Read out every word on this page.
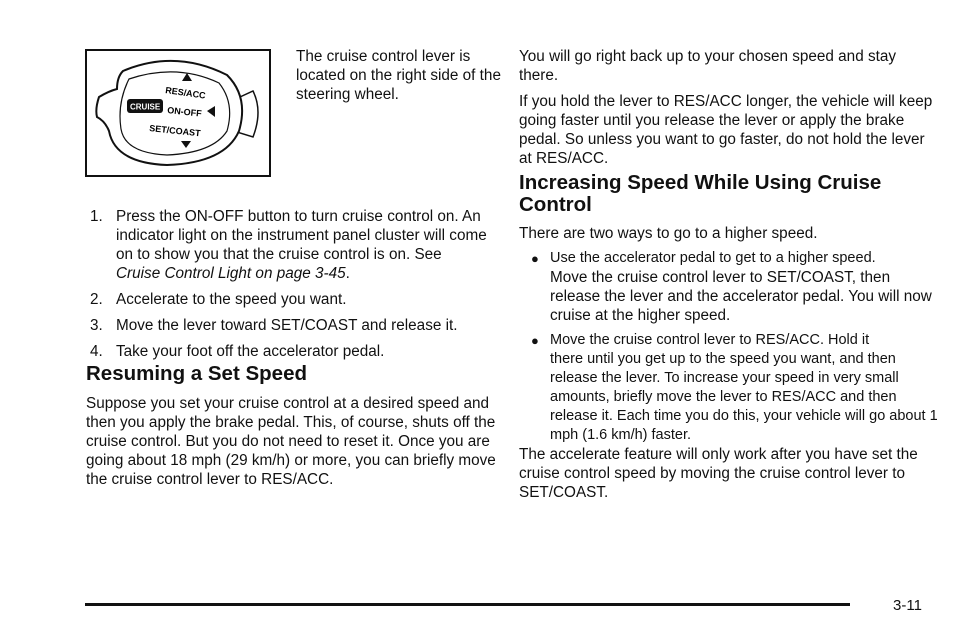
RES/ACC
CRUISE ON-OFF
SET/COAST

The cruise control lever is located on the right side of the steering wheel.

1. Press the ON-OFF button to turn cruise control on. An indicator light on the instrument panel cluster will come on to show you that the cruise control is on. See Cruise Control Light on page 3-45.
2. Accelerate to the speed you want.
3. Move the lever toward SET/COAST and release it.
4. Take your foot off the accelerator pedal.
Resuming a Set Speed

Suppose you set your cruise control at a desired speed and then you apply the brake pedal. This, of course, shuts off the cruise control. But you do not need to reset it. Once you are going about 18 mph (29 km/h) or more, you can briefly move the cruise control lever to RES/ACC.

You will go right back up to your chosen speed and stay there.

If you hold the lever to RES/ACC longer, the vehicle will keep going faster until you release the lever or apply the brake pedal. So unless you want to go faster, do not hold the lever at RES/ACC.

Increasing Speed While Using Cruise Control

There are two ways to go to a higher speed.

● Use the accelerator pedal to get to a higher speed.
Move the cruise control lever to SET/COAST, then release the lever and the accelerator pedal. You will now cruise at the higher speed.
● Move the cruise control lever to RES/ACC. Hold it
there until you get up to the speed you want, and then release the lever. To increase your speed in very small amounts, briefly move the lever to RES/ACC and then release it. Each time you do this, your vehicle will go about 1 mph (1.6 km/h) faster.

The accelerate feature will only work after you have set the cruise control speed by moving the cruise control lever to SET/COAST.

3-11
